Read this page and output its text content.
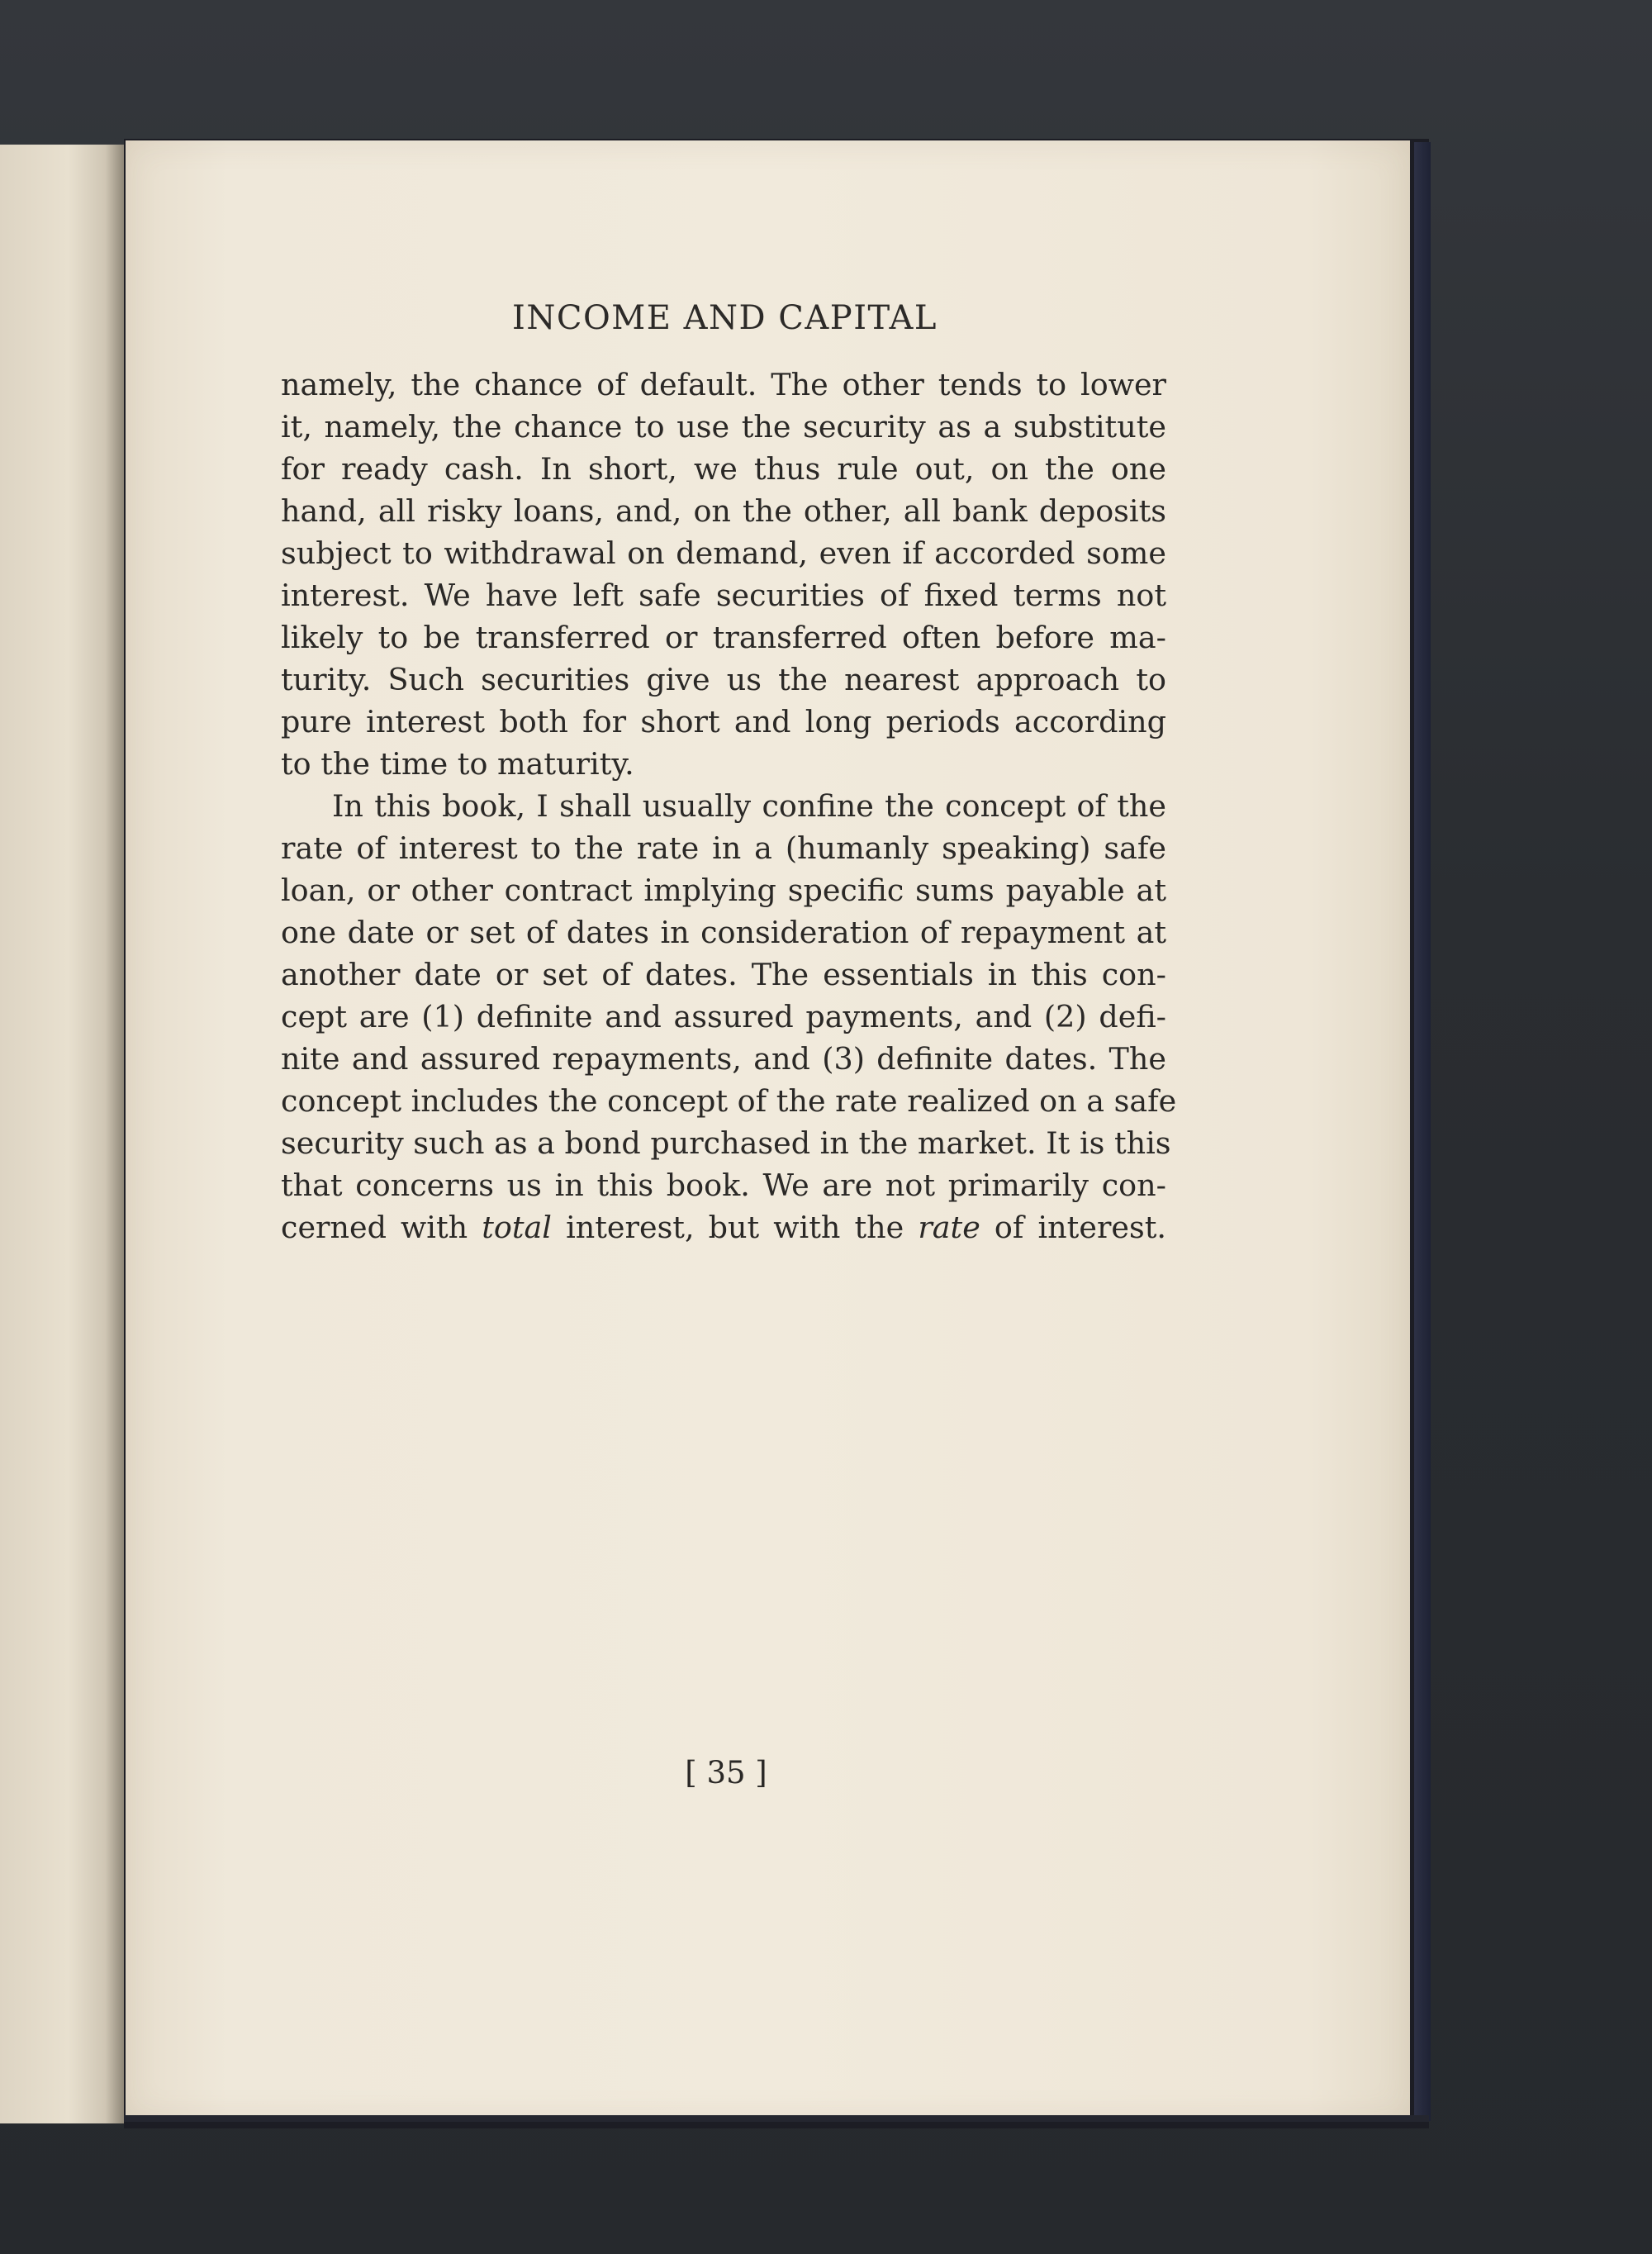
INCOME AND CAPITAL
namely, the chance of default. The other tends to lower
it, namely, the chance to use the security as a substitute
for ready cash. In short, we thus rule out, on the one
hand, all risky loans, and, on the other, all bank deposits
subject to withdrawal on demand, even if accorded some
interest. We have left safe securities of fixed terms not
likely to be transferred or transferred often before ma-
turity. Such securities give us the nearest approach to
pure interest both for short and long periods according
to the time to maturity.
In this book, I shall usually confine the concept of the
rate of interest to the rate in a (humanly speaking) safe
loan, or other contract implying specific sums payable at
one date or set of dates in consideration of repayment at
another date or set of dates. The essentials in this con-
cept are (1) definite and assured payments, and (2) defi-
nite and assured repayments, and (3) definite dates. The
concept includes the concept of the rate realized on a safe
security such as a bond purchased in the market. It is this
that concerns us in this book. We are not primarily con-
cerned with total interest, but with the rate of interest.
[ 35 ]
